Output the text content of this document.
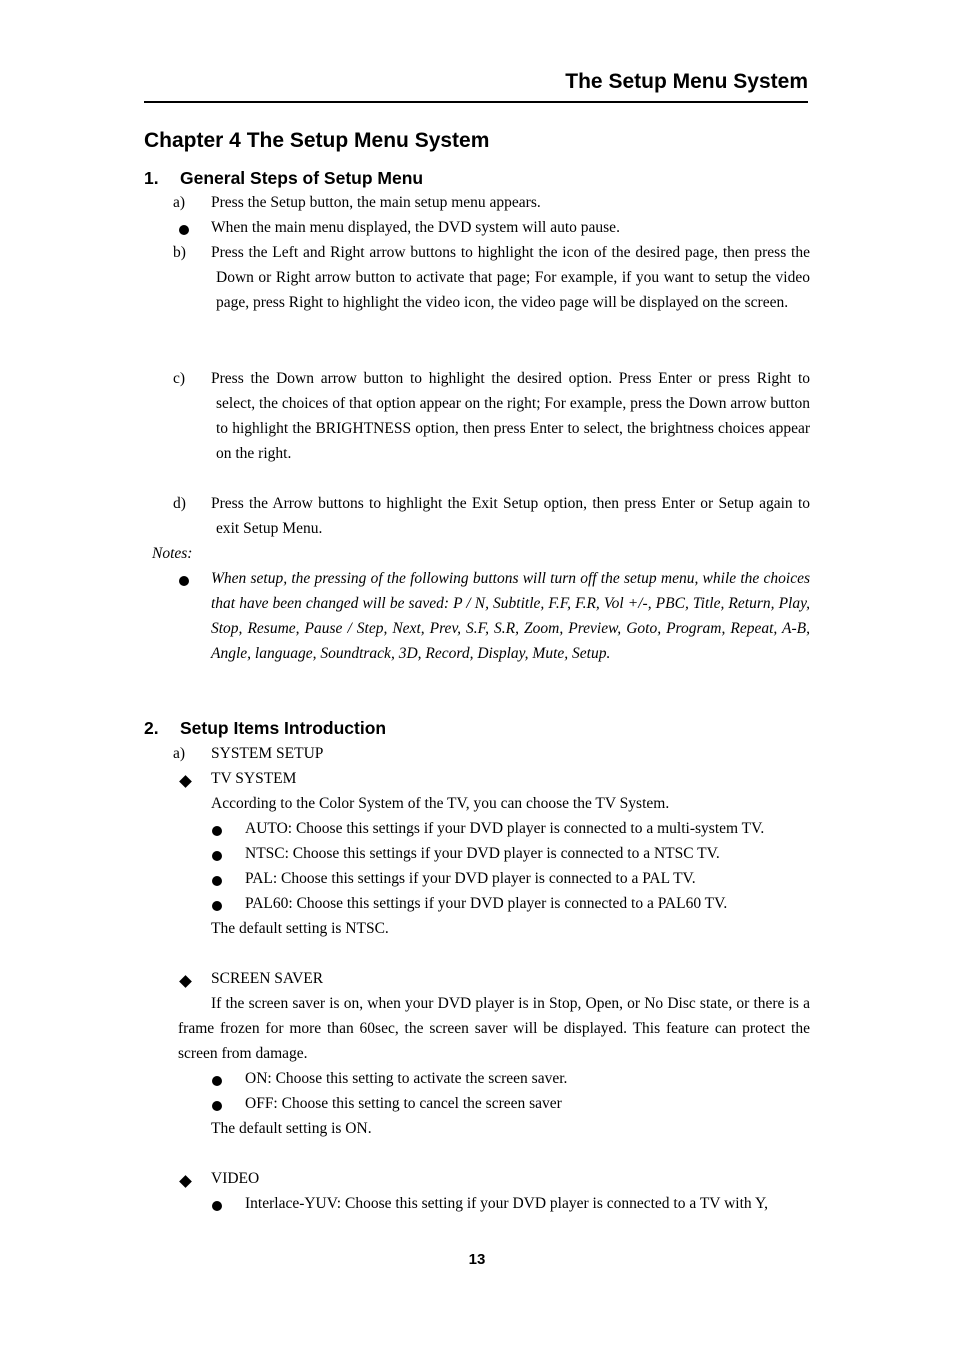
The Setup Menu System
Chapter 4 The Setup Menu System
1. General Steps of Setup Menu
a) Press the Setup button, the main setup menu appears.
When the main menu displayed, the DVD system will auto pause.
b) Press the Left and Right arrow buttons to highlight the icon of the desired page, then press the Down or Right arrow button to activate that page; For example, if you want to setup the video page, press Right to highlight the video icon, the video page will be displayed on the screen.
c) Press the Down arrow button to highlight the desired option. Press Enter or press Right to select, the choices of that option appear on the right; For example, press the Down arrow button to highlight the BRIGHTNESS option, then press Enter to select, the brightness choices appear on the right.
d) Press the Arrow buttons to highlight the Exit Setup option, then press Enter or Setup again to exit Setup Menu.
Notes:
When setup, the pressing of the following buttons will turn off the setup menu, while the choices that have been changed will be saved: P / N, Subtitle, F.F, F.R, Vol +/-, PBC, Title, Return, Play, Stop, Resume, Pause / Step, Next, Prev, S.F, S.R, Zoom, Preview, Goto, Program, Repeat, A-B, Angle, language, Soundtrack, 3D, Record, Display, Mute, Setup.
2. Setup Items Introduction
a) SYSTEM SETUP
TV SYSTEM
According to the Color System of the TV, you can choose the TV System.
AUTO: Choose this settings if your DVD player is connected to a multi-system TV.
NTSC: Choose this settings if your DVD player is connected to a NTSC TV.
PAL: Choose this settings if your DVD player is connected to a PAL TV.
PAL60: Choose this settings if your DVD player is connected to a PAL60 TV.
The default setting is NTSC.
SCREEN SAVER
If the screen saver is on, when your DVD player is in Stop, Open, or No Disc state, or there is a frame frozen for more than 60sec, the screen saver will be displayed. This feature can protect the screen from damage.
ON: Choose this setting to activate the screen saver.
OFF: Choose this setting to cancel the screen saver
The default setting is ON.
VIDEO
Interlace-YUV: Choose this setting if your DVD player is connected to a TV with Y,
13
